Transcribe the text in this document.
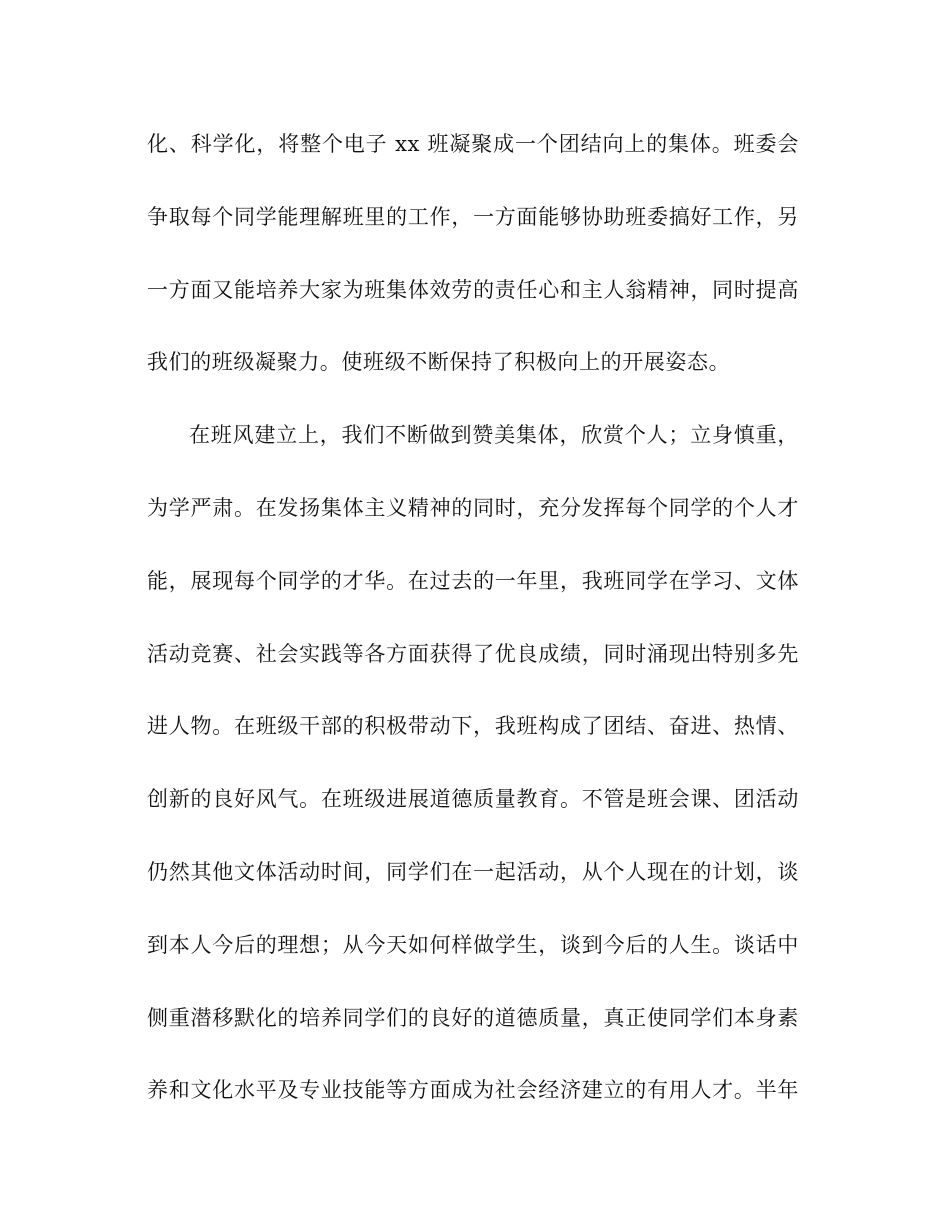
化、科学化，将整个电子 xx 班凝聚成一个团结向上的集体。班委会
争取每个同学能理解班里的工作，一方面能够协助班委搞好工作，另
一方面又能培养大家为班集体效劳的责任心和主人翁精神，同时提高
我们的班级凝聚力。使班级不断保持了积极向上的开展姿态。
在班风建立上，我们不断做到赞美集体，欣赏个人；立身慎重，
为学严肃。在发扬集体主义精神的同时，充分发挥每个同学的个人才
能，展现每个同学的才华。在过去的一年里，我班同学在学习、文体
活动竞赛、社会实践等各方面获得了优良成绩，同时涌现出特别多先
进人物。在班级干部的积极带动下，我班构成了团结、奋进、热情、
创新的良好风气。在班级进展道德质量教育。不管是班会课、团活动
仍然其他文体活动时间，同学们在一起活动，从个人现在的计划，谈
到本人今后的理想；从今天如何样做学生，谈到今后的人生。谈话中
侧重潜移默化的培养同学们的良好的道德质量，真正使同学们本身素
养和文化水平及专业技能等方面成为社会经济建立的有用人才。半年
